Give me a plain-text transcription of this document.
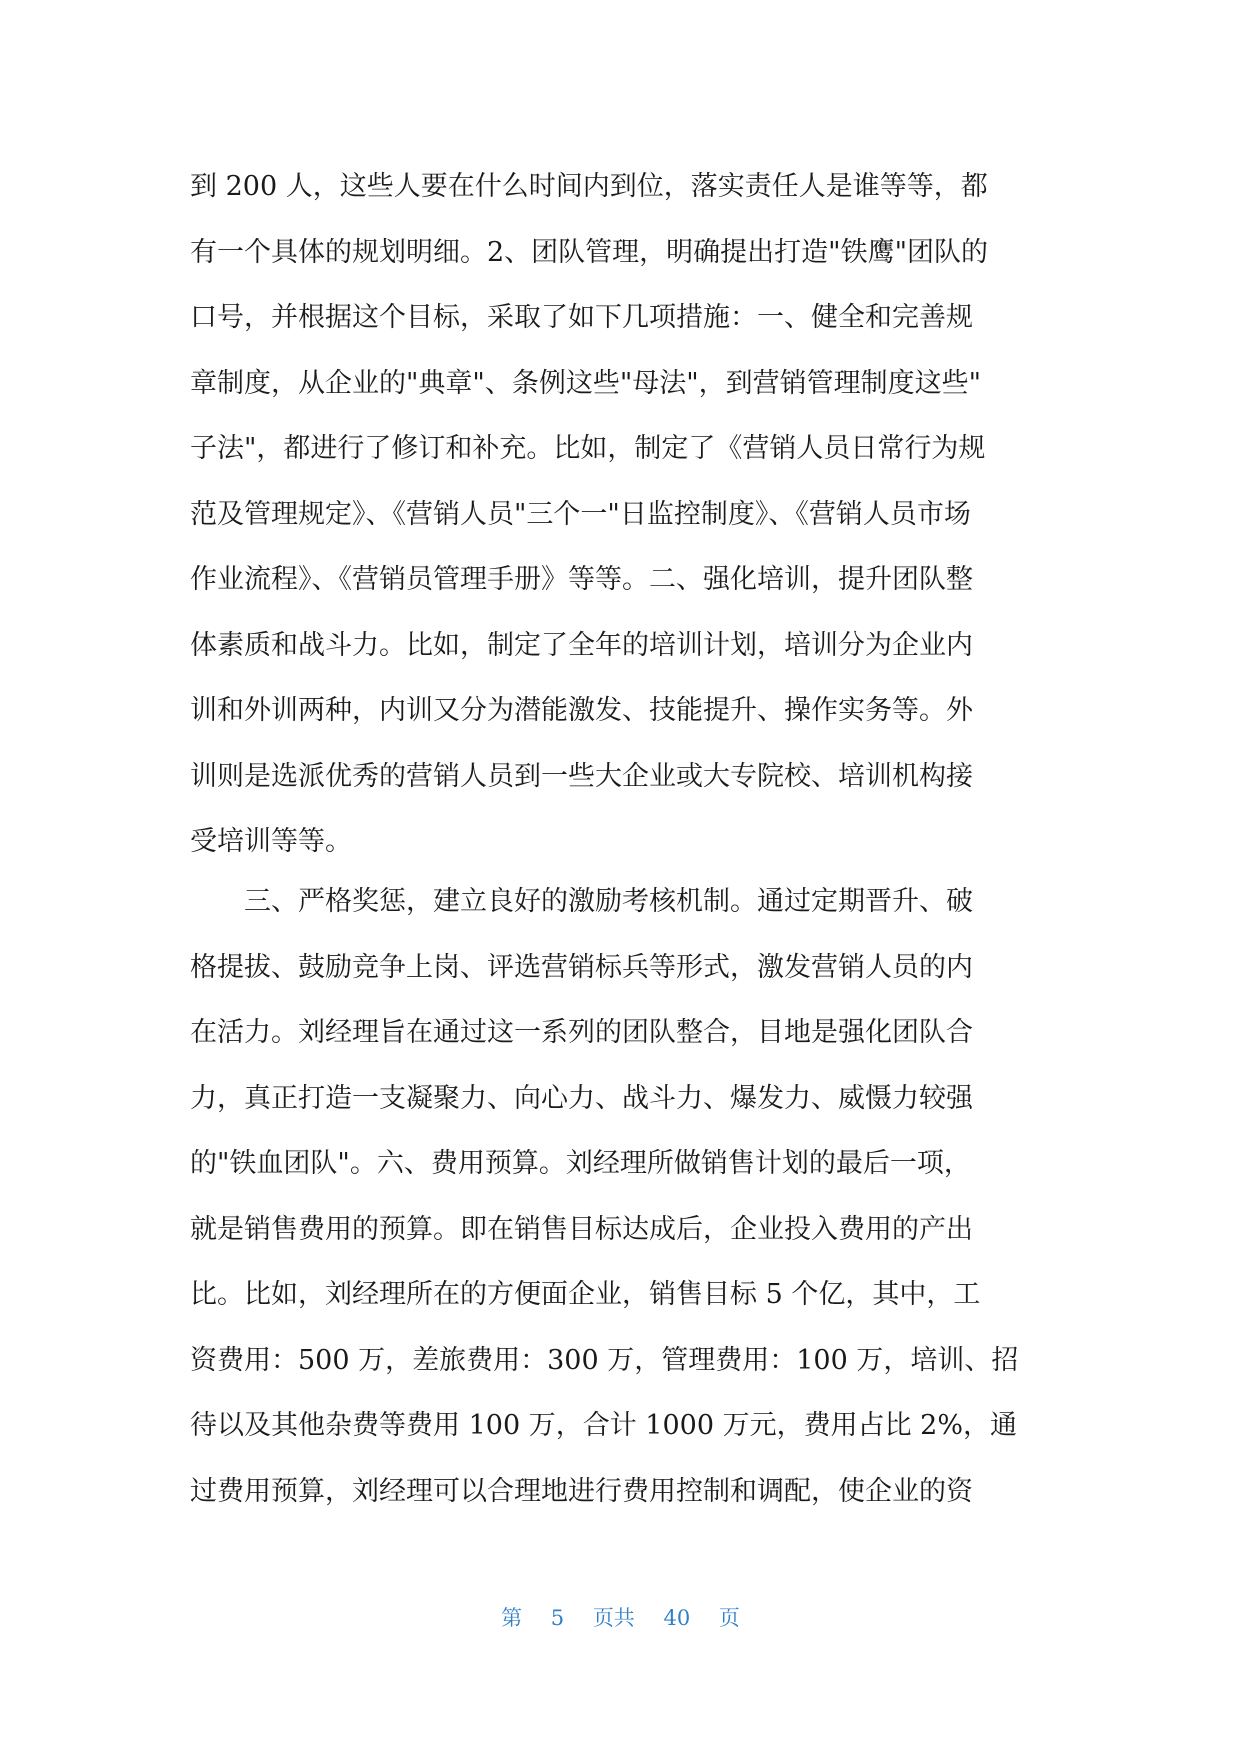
到 200 人，这些人要在什么时间内到位，落实责任人是谁等等，都
有一个具体的规划明细。2、团队管理，明确提出打造"铁鹰"团队的
口号，并根据这个目标，采取了如下几项措施：一、健全和完善规
章制度，从企业的"典章"、条例这些"母法"，到营销管理制度这些"
子法"，都进行了修订和补充。比如，制定了《营销人员日常行为规
范及管理规定》、《营销人员"三个一"日监控制度》、《营销人员市场
作业流程》、《营销员管理手册》等等。二、强化培训，提升团队整
体素质和战斗力。比如，制定了全年的培训计划，培训分为企业内
训和外训两种，内训又分为潜能激发、技能提升、操作实务等。外
训则是选派优秀的营销人员到一些大企业或大专院校、培训机构接
受培训等等。
三、严格奖惩，建立良好的激励考核机制。通过定期晋升、破
格提拔、鼓励竞争上岗、评选营销标兵等形式，激发营销人员的内
在活力。刘经理旨在通过这一系列的团队整合，目地是强化团队合
力，真正打造一支凝聚力、向心力、战斗力、爆发力、威慑力较强
的"铁血团队"。六、费用预算。刘经理所做销售计划的最后一项，
就是销售费用的预算。即在销售目标达成后，企业投入费用的产出
比。比如，刘经理所在的方便面企业，销售目标 5 个亿，其中，工
资费用：500 万，差旅费用：300 万，管理费用：100 万，培训、招
待以及其他杂费等费用 100 万，合计 1000 万元，费用占比 2%，通
过费用预算，刘经理可以合理地进行费用控制和调配，使企业的资
第 5 页共 40 页
